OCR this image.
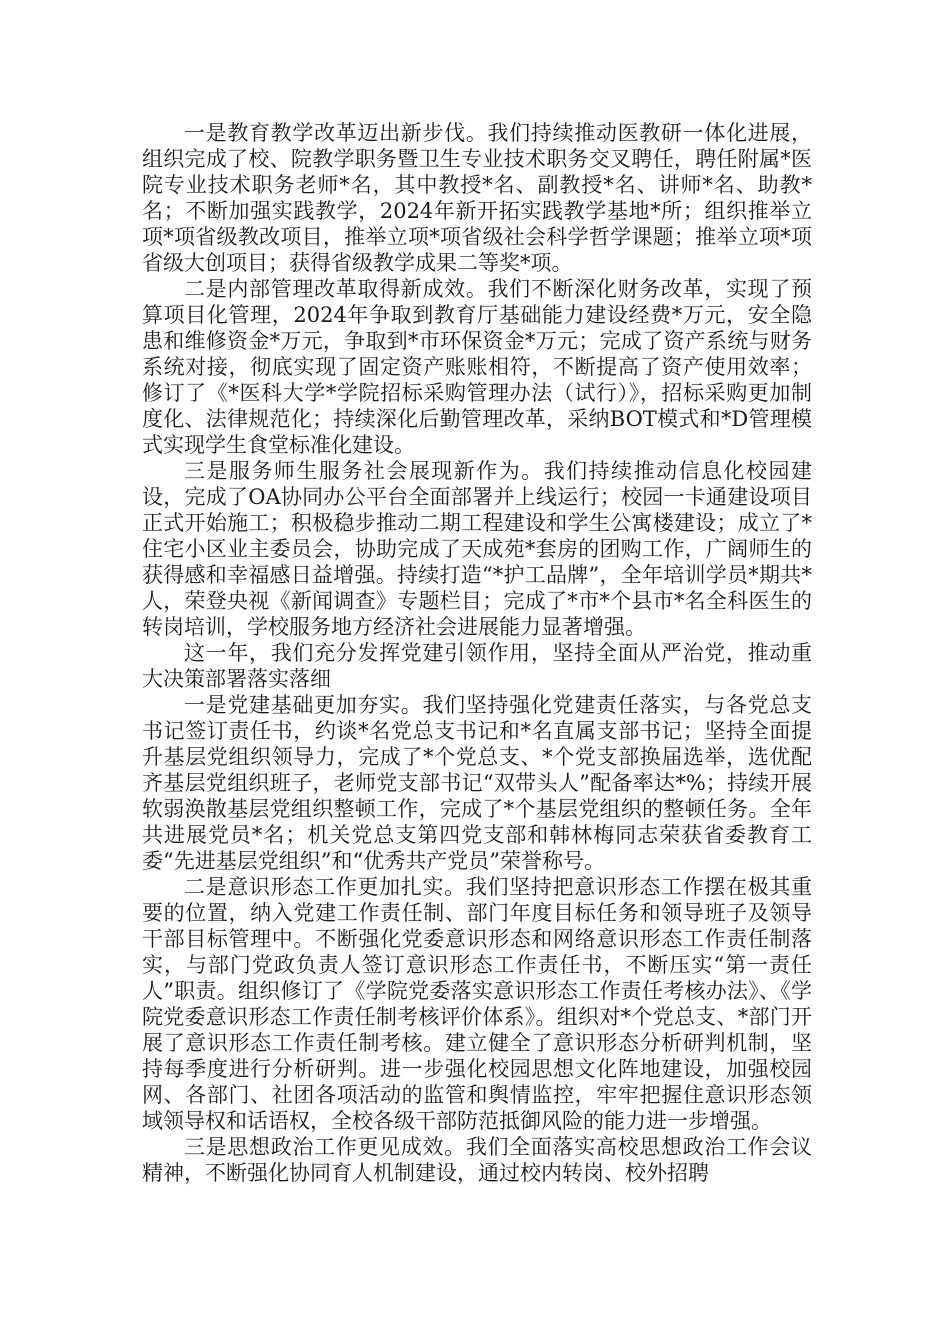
一是教育教学改革迈出新步伐。我们持续推动医教研一体化进展，组织完成了校、院教学职务暨卫生专业技术职务交叉聘任，聘任附属*医院专业技术职务老师*名，其中教授*名、副教授*名、讲师*名、助教*名；不断加强实践教学，2024年新开拓实践教学基地*所；组织推举立项*项省级教改项目，推举立项*项省级社会科学哲学课题；推举立项*项省级大创项目；获得省级教学成果二等奖*项。

二是内部管理改革取得新成效。我们不断深化财务改革，实现了预算项目化管理，2024年争取到教育厅基础能力建设经费*万元，安全隐患和维修资金*万元，争取到*市环保资金*万元；完成了资产系统与财务系统对接，彻底实现了固定资产账账相符，不断提高了资产使用效率；修订了《*医科大学*学院招标采购管理办法（试行）》，招标采购更加制度化、法律规范化；持续深化后勤管理改革，采纳BOT模式和*D管理模式实现学生食堂标准化建设。

三是服务师生服务社会展现新作为。我们持续推动信息化校园建设，完成了OA协同办公平台全面部署并上线运行；校园一卡通建设项目正式开始施工；积极稳步推动二期工程建设和学生公寓楼建设；成立了*住宅小区业主委员会，协助完成了天成苑*套房的团购工作，广阔师生的获得感和幸福感日益增强。持续打造“*护工品牌”，全年培训学员*期共*人，荣登央视《新闻调查》专题栏目；完成了*市*个县市*名全科医生的转岗培训，学校服务地方经济社会进展能力显著增强。

这一年，我们充分发挥党建引领作用，坚持全面从严治党，推动重大决策部署落实落细

一是党建基础更加夯实。我们坚持强化党建责任落实，与各党总支书记签订责任书，约谈*名党总支书记和*名直属支部书记；坚持全面提升基层党组织领导力，完成了*个党总支、*个党支部换届选举，选优配齐基层党组织班子，老师党支部书记“双带头人”配备率达*%；持续开展软弱涣散基层党组织整顿工作，完成了*个基层党组织的整顿任务。全年共进展党员*名；机关党总支第四党支部和韩林梅同志荣获省委教育工委“先进基层党组织”和“优秀共产党员”荣誉称号。

二是意识形态工作更加扎实。我们坚持把意识形态工作摆在极其重要的位置，纳入党建工作责任制、部门年度目标任务和领导班子及领导干部目标管理中。不断强化党委意识形态和网络意识形态工作责任制落实，与部门党政负责人签订意识形态工作责任书，不断压实“第一责任人”职责。组织修订了《学院党委落实意识形态工作责任考核办法》、《学院党委意识形态工作责任制考核评价体系》。组织对*个党总支、*部门开展了意识形态工作责任制考核。建立健全了意识形态分析研判机制，坚持每季度进行分析研判。进一步强化校园思想文化阵地建设，加强校园网、各部门、社团各项活动的监管和舆情监控，牢牢把握住意识形态领域领导权和话语权，全校各级干部防范抵御风险的能力进一步增强。

三是思想政治工作更见成效。我们全面落实高校思想政治工作会议精神，不断强化协同育人机制建设，通过校内转岗、校外招聘
